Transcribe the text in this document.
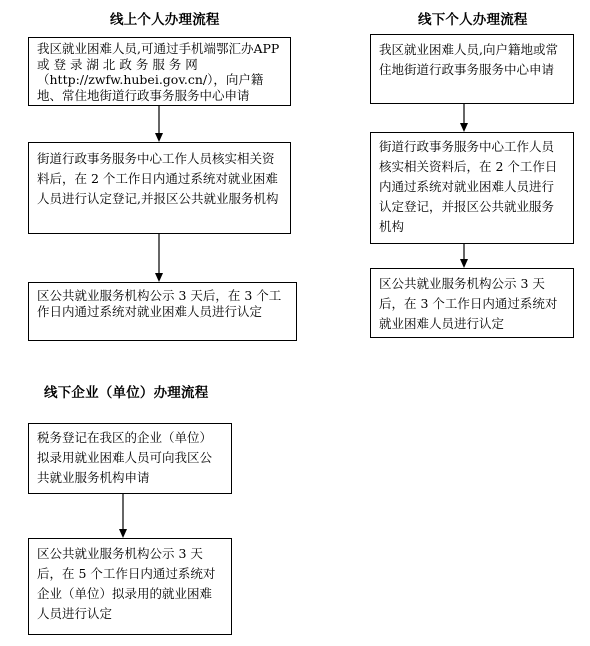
线上个人办理流程
我区就业困难人员,可通过手机端鄂汇办APP 或 登 录 湖 北 政 务 服 务 网（http://zwfw.hubei.gov.cn/），向户籍地、常住地街道行政事务服务中心申请
街道行政事务服务中心工作人员核实相关资料后，在 2 个工作日内通过系统对就业困难人员进行认定登记,并报区公共就业服务机构
区公共就业服务机构公示 3 天后，在 3 个工作日内通过系统对就业困难人员进行认定
线下个人办理流程
我区就业困难人员,向户籍地或常住地街道行政事务服务中心申请
街道行政事务服务中心工作人员核实相关资料后，在 2 个工作日内通过系统对就业困难人员进行认定登记，并报区公共就业服务机构
区公共就业服务机构公示 3 天后，在 3 个工作日内通过系统对就业困难人员进行认定
线下企业（单位）办理流程
税务登记在我区的企业（单位）拟录用就业困难人员可向我区公共就业服务机构申请
区公共就业服务机构公示 3 天后，在 5 个工作日内通过系统对企业（单位）拟录用的就业困难人员进行认定
